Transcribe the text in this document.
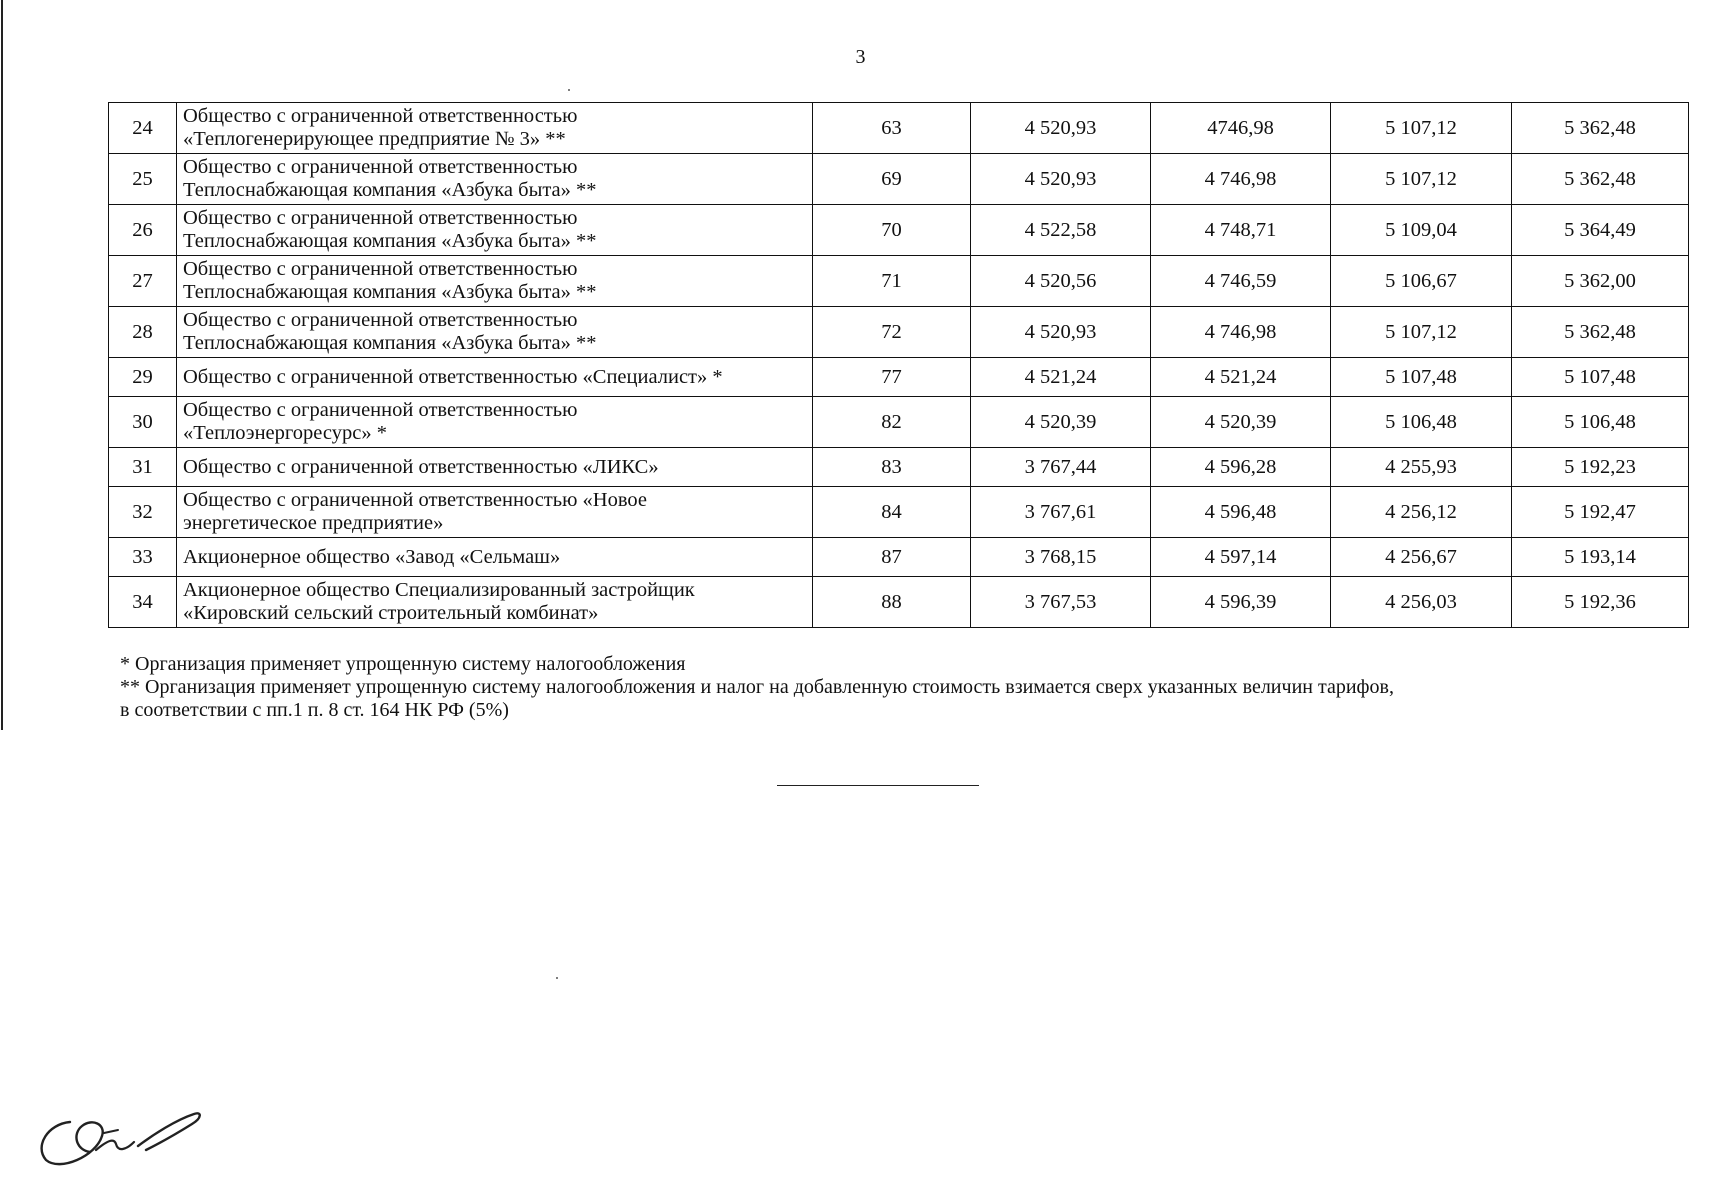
3
24	Общество с ограниченной ответственностью
«Теплогенерирующее предприятие № 3» **	63	4 520,93	4746,98	5 107,12	5 362,48

25	Общество с ограниченной ответственностью
Теплоснабжающая компания «Азбука быта» **	69	4 520,93	4 746,98	5 107,12	5 362,48

26	Общество с ограниченной ответственностью
Теплоснабжающая компания «Азбука быта» **	70	4 522,58	4 748,71	5 109,04	5 364,49

27	Общество с ограниченной ответственностью
Теплоснабжающая компания «Азбука быта» **	71	4 520,56	4 746,59	5 106,67	5 362,00

28	Общество с ограниченной ответственностью
Теплоснабжающая компания «Азбука быта» **	72	4 520,93	4 746,98	5 107,12	5 362,48

29	Общество с ограниченной ответственностью «Специалист» *	77	4 521,24	4 521,24	5 107,48	5 107,48

30	Общество с ограниченной ответственностью
«Теплоэнергоресурс» *	82	4 520,39	4 520,39	5 106,48	5 106,48

31	Общество с ограниченной ответственностью «ЛИКС»	83	3 767,44	4 596,28	4 255,93	5 192,23

32	Общество с ограниченной ответственностью «Новое
энергетическое предприятие»	84	3 767,61	4 596,48	4 256,12	5 192,47

33	Акционерное общество «Завод «Сельмаш»	87	3 768,15	4 597,14	4 256,67	5 193,14

34	Акционерное общество Специализированный застройщик
«Кировский сельский строительный комбинат»	88	3 767,53	4 596,39	4 256,03	5 192,36
* Организация применяет упрощенную систему налогообложения
** Организация применяет упрощенную систему налогообложения и налог на добавленную стоимость взимается сверх указанных величин тарифов,
в соответствии с пп.1 п. 8 ст. 164 НК РФ (5%)
